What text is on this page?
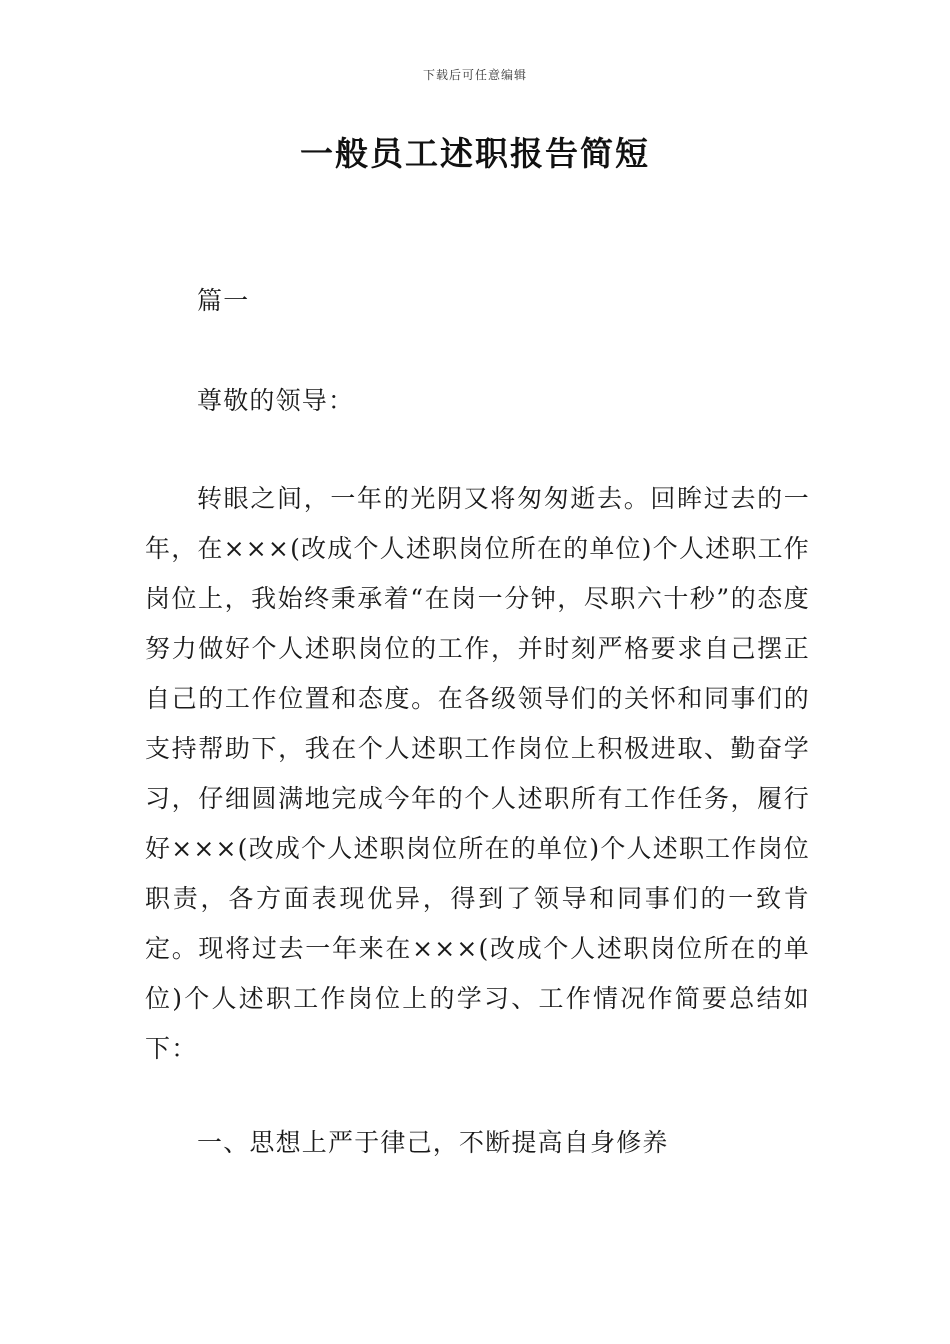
下载后可任意编辑
一般员工述职报告简短

篇一

尊敬的领导：

转眼之间，一年的光阴又将匆匆逝去。回眸过去的一年，在×××(改成个人述职岗位所在的单位)个人述职工作岗位上，我始终秉承着“在岗一分钟，尽职六十秒”的态度努力做好个人述职岗位的工作，并时刻严格要求自己摆正自己的工作位置和态度。在各级领导们的关怀和同事们的支持帮助下，我在个人述职工作岗位上积极进取、勤奋学习，仔细圆满地完成今年的个人述职所有工作任务，履行好×××(改成个人述职岗位所在的单位)个人述职工作岗位职责，各方面表现优异，得到了领导和同事们的一致肯定。现将过去一年来在×××(改成个人述职岗位所在的单位)个人述职工作岗位上的学习、工作情况作简要总结如下：

一、思想上严于律己，不断提高自身修养
